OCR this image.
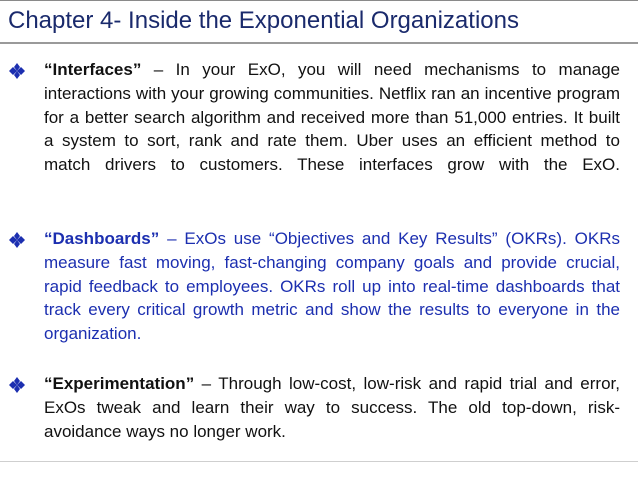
Chapter 4- Inside the Exponential Organizations
“Interfaces” – In your ExO, you will need mechanisms to manage interactions with your growing communities. Netflix ran an incentive program for a better search algorithm and received more than 51,000 entries. It built a system to sort, rank and rate them. Uber uses an efficient method to match drivers to customers. These interfaces grow with the ExO.
“Dashboards” – ExOs use “Objectives and Key Results” (OKRs). OKRs measure fast moving, fast-changing company goals and provide crucial, rapid feedback to employees. OKRs roll up into real-time dashboards that track every critical growth metric and show the results to everyone in the organization.
“Experimentation” – Through low-cost, low-risk and rapid trial and error, ExOs tweak and learn their way to success. The old top-down, risk-avoidance ways no longer work.
